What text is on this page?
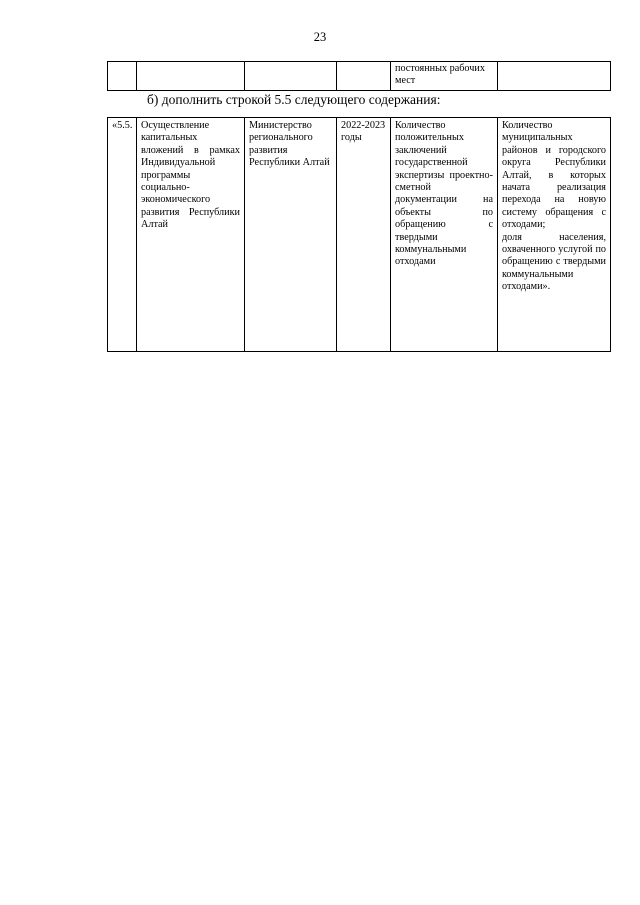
23
				постоянных рабочих мест	
б) дополнить строкой 5.5 следующего содержания:
«5.5.	Осуществление капитальных вложений в рамках Индивидуальной программы социально-экономического развития Республики Алтай	Министерство регионального развития Республики Алтай	2022-2023 годы	Количество положительных заключений государственной экспертизы проектно-сметной документации на объекты по обращению с твердыми коммунальными отходами	Количество муниципальных районов и городского округа Республики Алтай, в которых начата реализация перехода на новую систему обращения с отходами;
доля населения, охваченного услугой по обращению с твердыми коммунальными отходами».
